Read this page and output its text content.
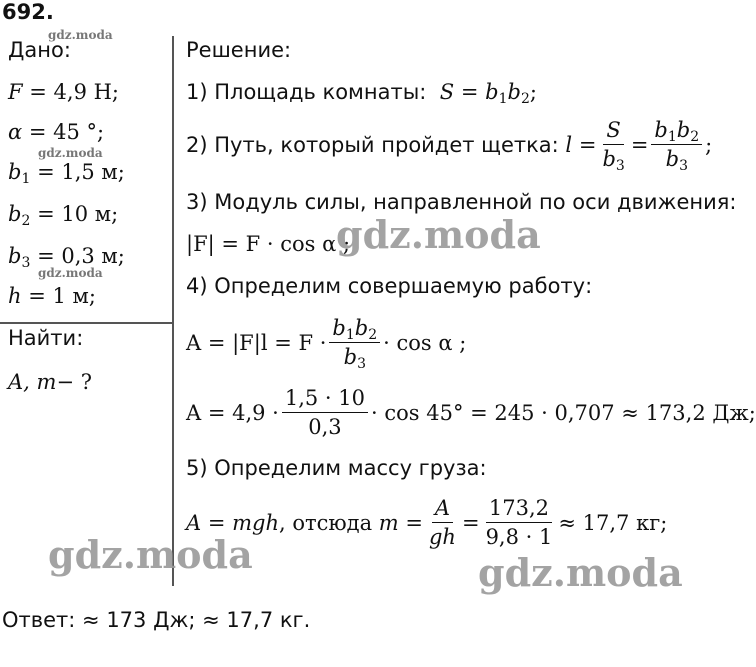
692.
Дано:
F = 4,9 Н;
α = 45 °;
$b_1 = 1,5$ м;
$b_2 = 10$ м;
$b_3 = 0,3$ м;
h = 1 м;
Найти:
A, m− ?
Решение:
1) Площадь комнаты: $S = b_1b_2$;
2) Путь, который пройдет щетка:
l
= $\frac{S}{b_3} = \frac{b_1b_2}{b_3}$ ;
3) Модуль силы, направленной по оси движения:
|F| = F · cos α ;
4) Определим совершаемую работу:
$A = |F|l = F \cdot \frac{b_1b_2}{b_3} \cdot \cos \alpha$ ;
$A = 4,9 \cdot \frac{1,5 \cdot 10}{0,3} \cdot \cos 45^\circ = 245 \cdot 0,707 \approx 173,2$ Дж;
5) Определим массу груза:
A = mgh , отсюда
$m = \frac{A}{gh} = \frac{173,2}{9,8 \cdot 1} \approx 17,7$ кг;
Ответ: ≈ 173 Дж; ≈ 17,7 кг.
gdz.moda
gdz.moda
gdz.moda
gdz.moda
gdz.moda	gdz.moda
